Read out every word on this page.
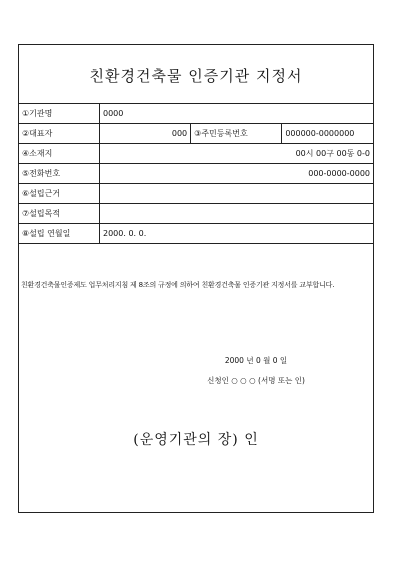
친환경건축물 인증기관 지정서
①기관명	0000		
②대표자	000	③주민등록번호	000000-0000000
④소재지	00시 00구 00동 0-0		
⑤전화번호	000-0000-0000		
⑥설립근거			
⑦설립목적			
⑧설립 연월일	2000. 0. 0.		
친환경건축물인증제도 업무처리지침 제 8조의 규정에 의하여 친환경건축물 인증기관 지정서를 교부합니다.
2000 년 0 월 0 일
신청인 ○ ○ ○ (서명 또는 인)
(운영기관의 장) 인
